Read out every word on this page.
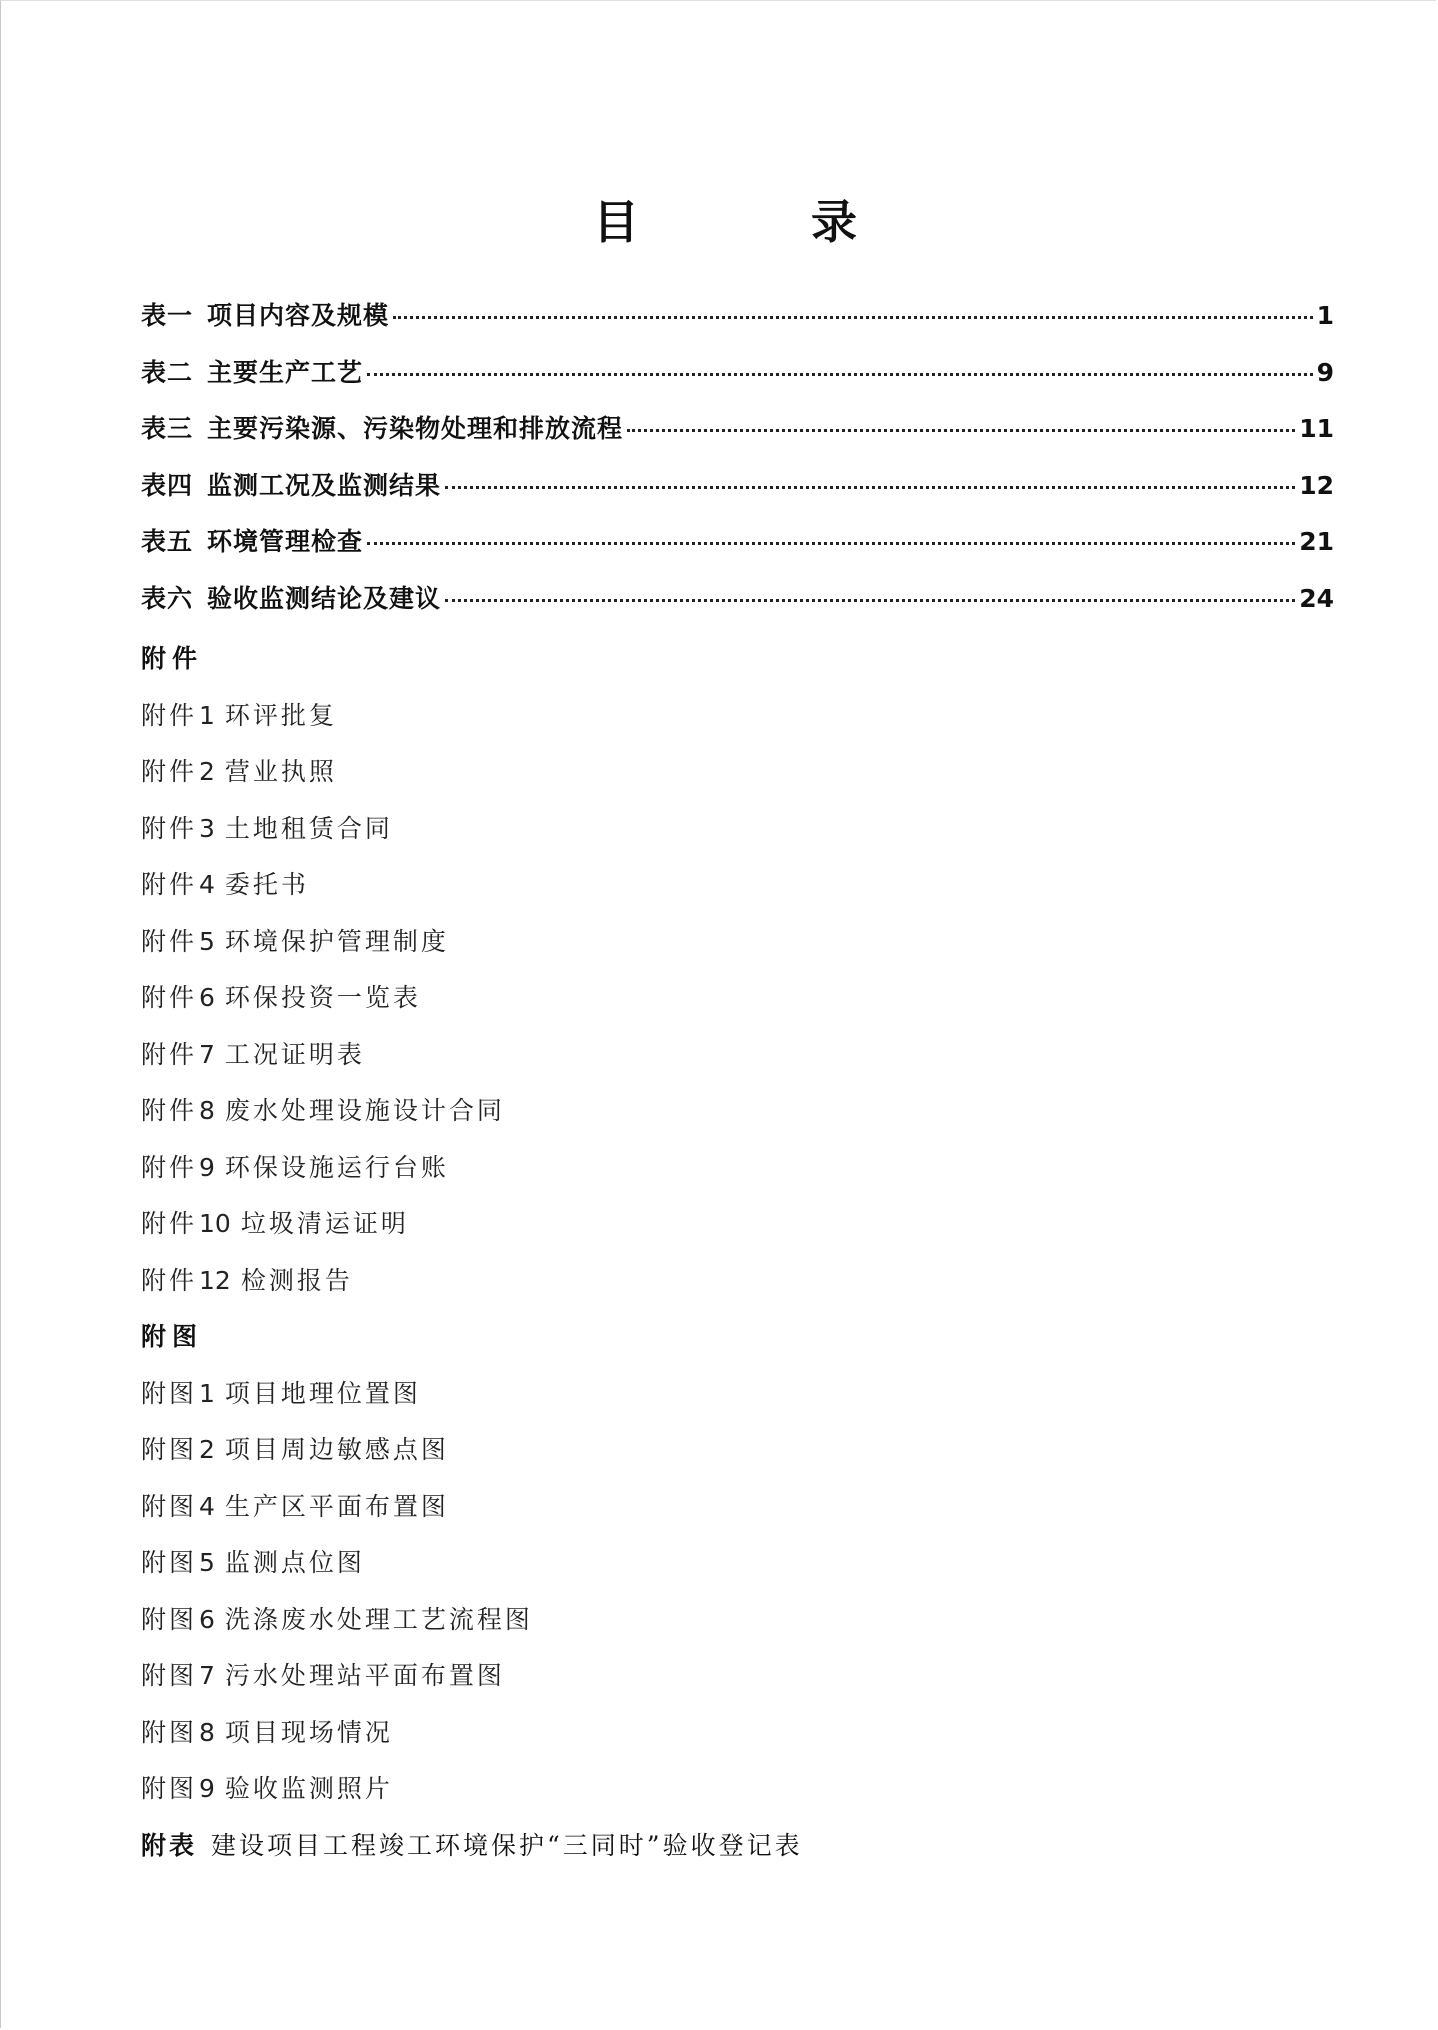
目 录
表一 项目内容及规模	1
表二 主要生产工艺	9
表三 主要污染源、污染物处理和排放流程	11
表四 监测工况及监测结果	12
表五 环境管理检查	21
表六 验收监测结论及建议	24
附件
附件1 环评批复
附件2 营业执照
附件3 土地租赁合同
附件4 委托书
附件5 环境保护管理制度
附件6 环保投资一览表
附件7 工况证明表
附件8 废水处理设施设计合同
附件9 环保设施运行台账
附件10 垃圾清运证明
附件12 检测报告
附图
附图1 项目地理位置图
附图2 项目周边敏感点图
附图4 生产区平面布置图
附图5 监测点位图
附图6 洗涤废水处理工艺流程图
附图7 污水处理站平面布置图
附图8 项目现场情况
附图9 验收监测照片
附表 建设项目工程竣工环境保护“三同时”验收登记表
